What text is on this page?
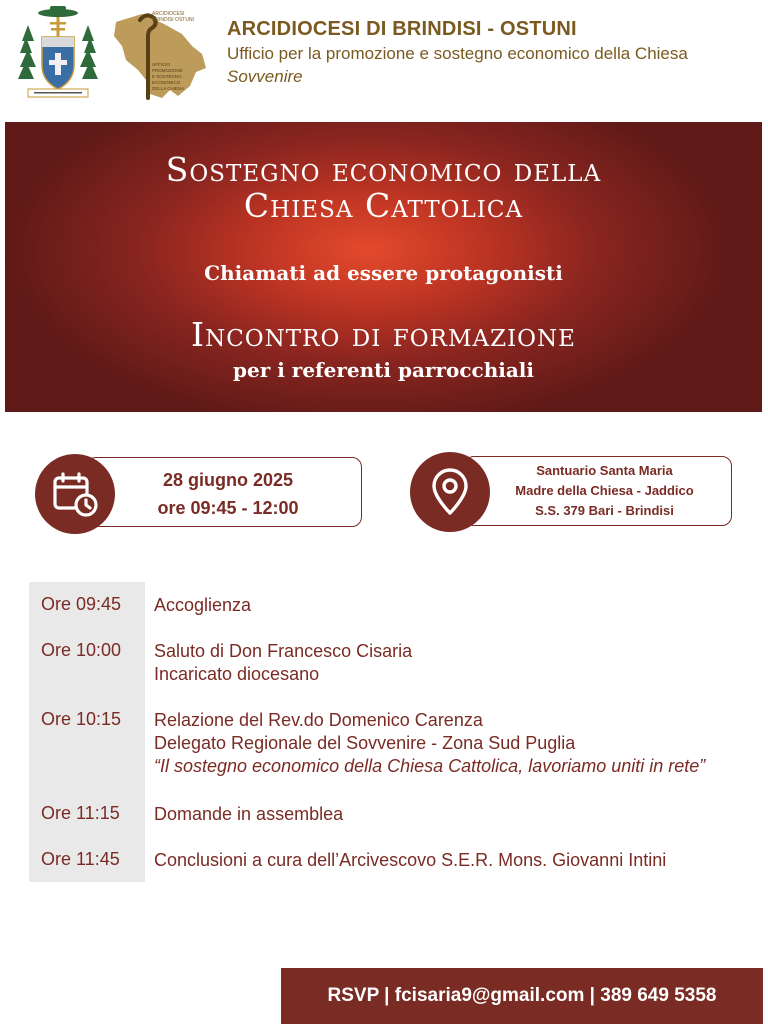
ARCIDIOCESI
BRINDISI OSTUNI
UFFICIO
PROMOZIONE
E SOSTEGNO
ECONOMICO
DELLA CHIESA
ARCIDIOCESI DI BRINDISI - OSTUNI
Ufficio per la promozione e sostegno economico della Chiesa
Sovvenire
Sostegno economico della
Chiesa Cattolica
Chiamati ad essere protagonisti
Incontro di formazione
per i referenti parrocchiali
28 giugno 2025
ore 09:45 - 12:00
Santuario Santa Maria
Madre della Chiesa - Jaddico
S.S. 379 Bari - Brindisi
Ore 09:45 Accoglienza
Ore 10:00 Saluto di Don Francesco Cisaria
Incaricato diocesano
Ore 10:15 Relazione del Rev.do Domenico Carenza
Delegato Regionale del Sovvenire - Zona Sud Puglia
“Il sostegno economico della Chiesa Cattolica, lavoriamo uniti in rete”
Ore 11:15 Domande in assemblea
Ore 11:45 Conclusioni a cura dell’Arcivescovo S.E.R. Mons. Giovanni Intini
RSVP | fcisaria9@gmail.com | 389 649 5358
